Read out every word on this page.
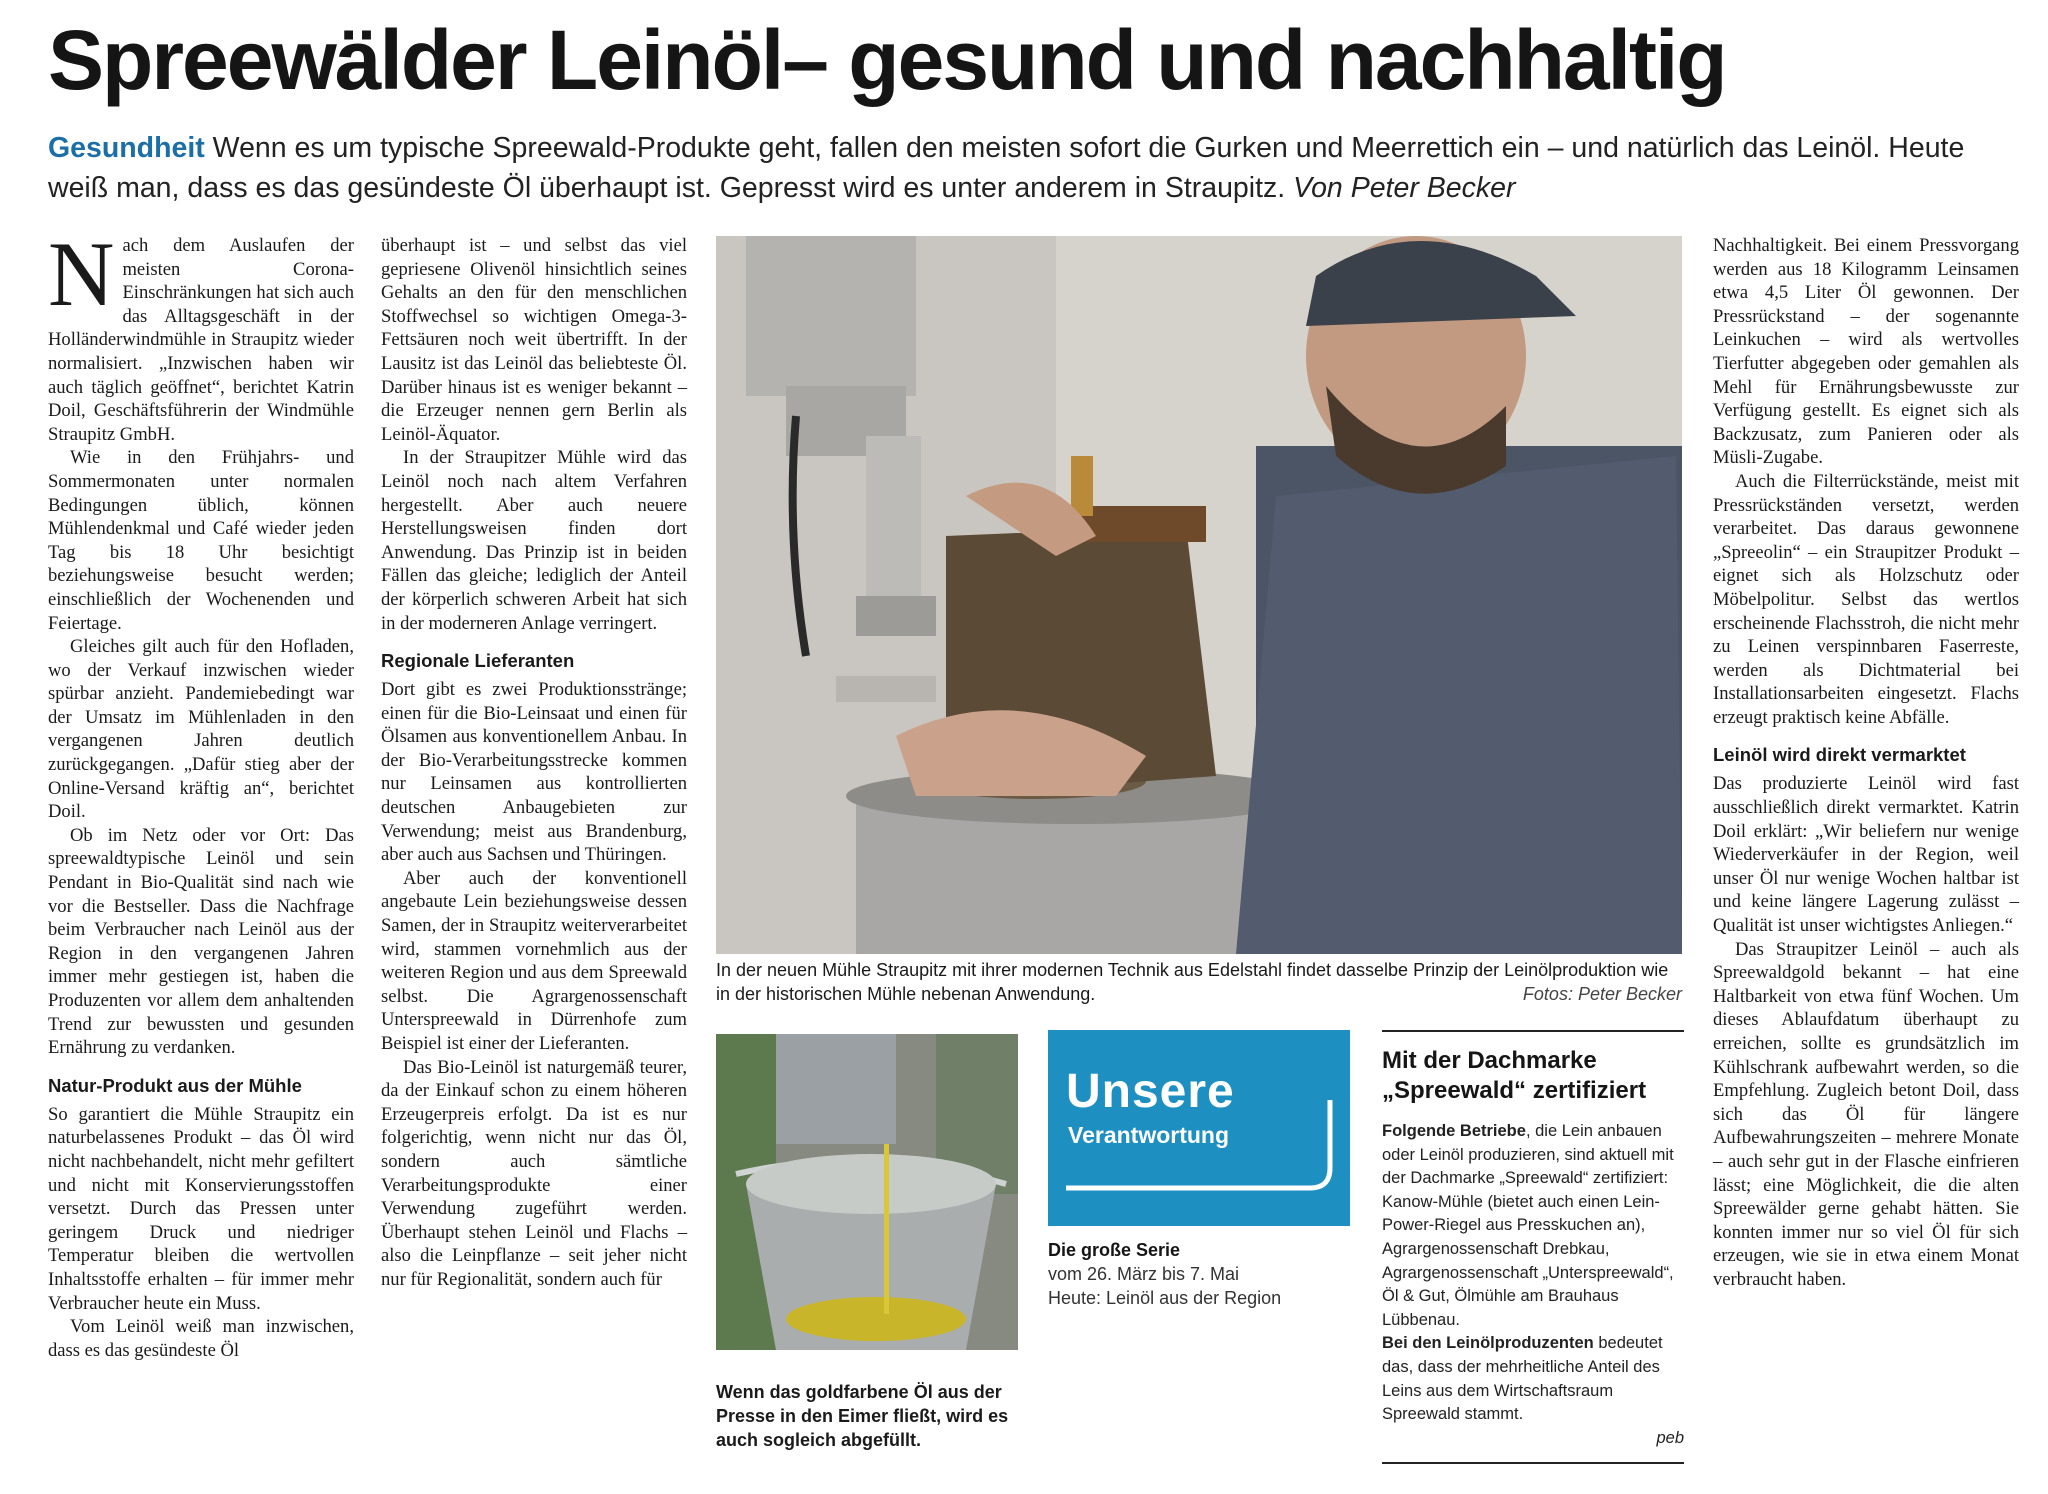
Spreewälder Leinöl– gesund und nachhaltig
Gesundheit Wenn es um typische Spreewald-Produkte geht, fallen den meisten sofort die Gurken und Meerrettich ein – und natürlich das Leinöl. Heute weiß man, dass es das gesündeste Öl überhaupt ist. Gepresst wird es unter anderem in Straupitz. Von Peter Becker

Nach dem Auslaufen der meisten Corona-Einschränkungen hat sich auch das Alltagsgeschäft in der Holländerwindmühle in Straupitz wieder normalisiert. „Inzwischen haben wir auch täglich geöffnet“, berichtet Katrin Doil, Geschäftsführerin der Windmühle Straupitz GmbH.

Wie in den Frühjahrs- und Sommermonaten unter normalen Bedingungen üblich, können Mühlendenkmal und Café wieder jeden Tag bis 18 Uhr besichtigt beziehungsweise besucht werden; einschließlich der Wochenenden und Feiertage.

Gleiches gilt auch für den Hofladen, wo der Verkauf inzwischen wieder spürbar anzieht. Pandemiebedingt war der Umsatz im Mühlenladen in den vergangenen Jahren deutlich zurückgegangen. „Dafür stieg aber der Online-Versand kräftig an“, berichtet Doil.

Ob im Netz oder vor Ort: Das spreewaldtypische Leinöl und sein Pendant in Bio-Qualität sind nach wie vor die Bestseller. Dass die Nachfrage beim Verbraucher nach Leinöl aus der Region in den vergangenen Jahren immer mehr gestiegen ist, haben die Produzenten vor allem dem anhaltenden Trend zur bewussten und gesunden Ernährung zu verdanken.

Natur-Produkt aus der Mühle

So garantiert die Mühle Straupitz ein naturbelassenes Produkt – das Öl wird nicht nachbehandelt, nicht mehr gefiltert und nicht mit Konservierungsstoffen versetzt. Durch das Pressen unter geringem Druck und niedriger Temperatur bleiben die wertvollen Inhaltsstoffe erhalten – für immer mehr Verbraucher heute ein Muss.

Vom Leinöl weiß man inzwischen, dass es das gesündeste Öl

überhaupt ist – und selbst das viel gepriesene Olivenöl hinsichtlich seines Gehalts an den für den menschlichen Stoffwechsel so wichtigen Omega-3-Fettsäuren noch weit übertrifft. In der Lausitz ist das Leinöl das beliebteste Öl. Darüber hinaus ist es weniger bekannt – die Erzeuger nennen gern Berlin als Leinöl-Äquator.

In der Straupitzer Mühle wird das Leinöl noch nach altem Verfahren hergestellt. Aber auch neuere Herstellungsweisen finden dort Anwendung. Das Prinzip ist in beiden Fällen das gleiche; lediglich der Anteil der körperlich schweren Arbeit hat sich in der moderneren Anlage verringert.

Regionale Lieferanten

Dort gibt es zwei Produktionsstränge; einen für die Bio-Leinsaat und einen für Ölsamen aus konventionellem Anbau. In der Bio-Verarbeitungsstrecke kommen nur Leinsamen aus kontrollierten deutschen Anbaugebieten zur Verwendung; meist aus Brandenburg, aber auch aus Sachsen und Thüringen.

Aber auch der konventionell angebaute Lein beziehungsweise dessen Samen, der in Straupitz weiterverarbeitet wird, stammen vornehmlich aus der weiteren Region und aus dem Spreewald selbst. Die Agrargenossenschaft Unterspreewald in Dürrenhofe zum Beispiel ist einer der Lieferanten.

Das Bio-Leinöl ist naturgemäß teurer, da der Einkauf schon zu einem höheren Erzeugerpreis erfolgt. Da ist es nur folgerichtig, wenn nicht nur das Öl, sondern auch sämtliche Verarbeitungsprodukte einer Verwendung zugeführt werden. Überhaupt stehen Leinöl und Flachs – also die Leinpflanze – seit jeher nicht nur für Regionalität, sondern auch für

Nachhaltigkeit. Bei einem Pressvorgang werden aus 18 Kilogramm Leinsamen etwa 4,5 Liter Öl gewonnen. Der Pressrückstand – der sogenannte Leinkuchen – wird als wertvolles Tierfutter abgegeben oder gemahlen als Mehl für Ernährungsbewusste zur Verfügung gestellt. Es eignet sich als Backzusatz, zum Panieren oder als Müsli-Zugabe.

Auch die Filterrückstände, meist mit Pressrückständen versetzt, werden verarbeitet. Das daraus gewonnene „Spreeolin“ – ein Straupitzer Produkt – eignet sich als Holzschutz oder Möbelpolitur. Selbst das wertlos erscheinende Flachsstroh, die nicht mehr zu Leinen verspinnbaren Faserreste, werden als Dichtmaterial bei Installationsarbeiten eingesetzt. Flachs erzeugt praktisch keine Abfälle.

Leinöl wird direkt vermarktet

Das produzierte Leinöl wird fast ausschließlich direkt vermarktet. Katrin Doil erklärt: „Wir beliefern nur wenige Wiederverkäufer in der Region, weil unser Öl nur wenige Wochen haltbar ist und keine längere Lagerung zulässt – Qualität ist unser wichtigstes Anliegen.“

Das Straupitzer Leinöl – auch als Spreewaldgold bekannt – hat eine Haltbarkeit von etwa fünf Wochen. Um dieses Ablaufdatum überhaupt zu erreichen, sollte es grundsätzlich im Kühlschrank aufbewahrt werden, so die Empfehlung. Zugleich betont Doil, dass sich das Öl für längere Aufbewahrungszeiten – mehrere Monate – auch sehr gut in der Flasche einfrieren lässt; eine Möglichkeit, die die alten Spreewälder gerne gehabt hätten. Sie konnten immer nur so viel Öl für sich erzeugen, wie sie in etwa einem Monat verbraucht haben.

In der neuen Mühle Straupitz mit ihrer modernen Technik aus Edelstahl findet dasselbe Prinzip der Leinölproduktion wie in der historischen Mühle nebenan Anwendung.	Fotos: Peter Becker
Wenn das goldfarbene Öl aus der Presse in den Eimer fließt, wird es auch sogleich abgefüllt.
Unsere
Verantwortung
Die große Serie
vom 26. März bis 7. Mai
Heute: Leinöl aus der Region
Mit der Dachmarke „Spreewald“ zertifiziert

Folgende Betriebe, die Lein anbauen oder Leinöl produzieren, sind aktuell mit der Dachmarke „Spreewald“ zertifiziert: Kanow-Mühle (bietet auch einen Lein-Power-Riegel aus Presskuchen an), Agrargenossenschaft Drebkau, Agrargenossenschaft „Unterspreewald“, Öl & Gut, Ölmühle am Brauhaus Lübbenau.

Bei den Leinölproduzenten bedeutet das, dass der mehrheitliche Anteil des Leins aus dem Wirtschaftsraum Spreewald stammt.

peb
